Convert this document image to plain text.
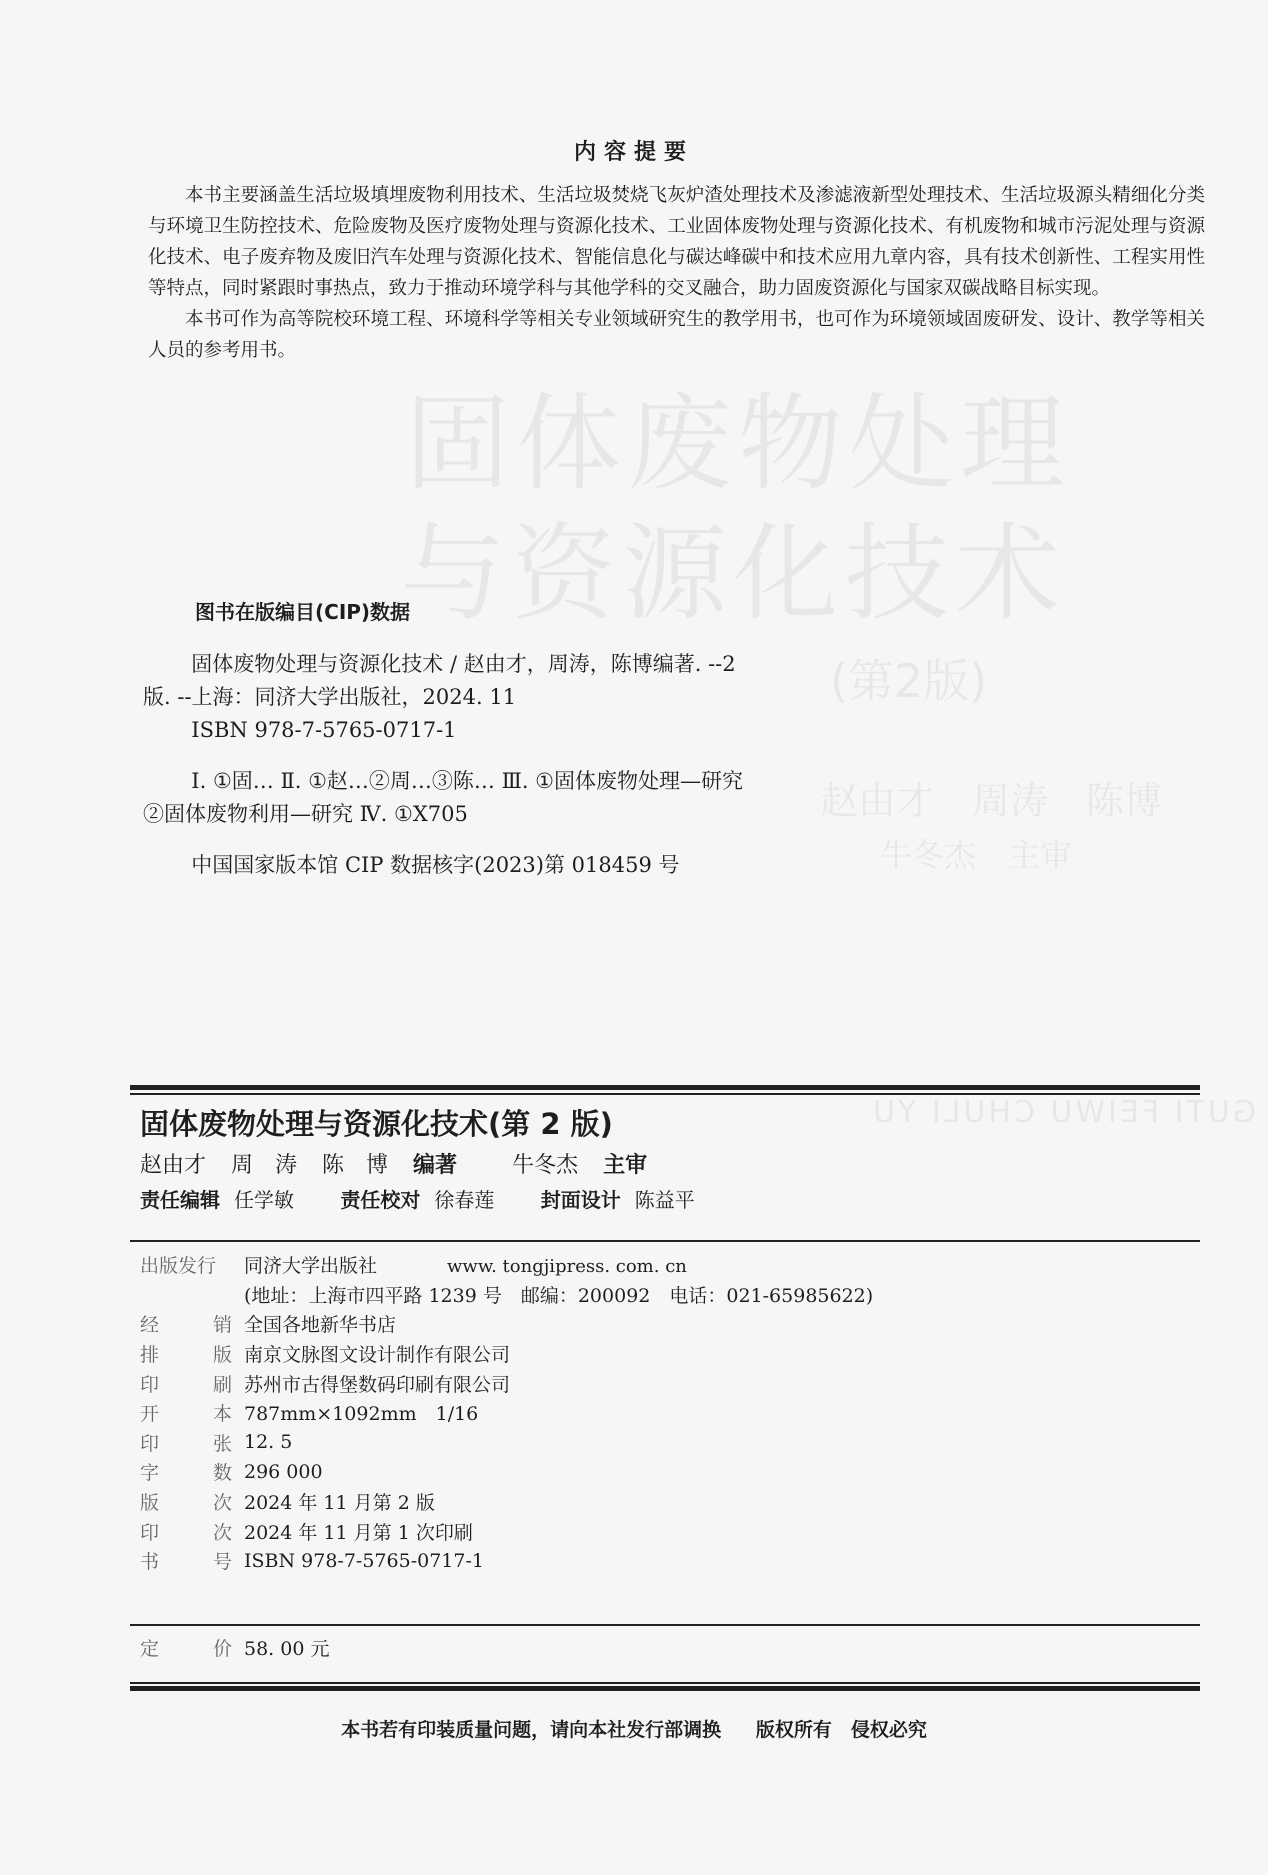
固体废物处理
与资源化技术
(第2版)
赵由才　周涛　陈博
牛冬杰　主审
GUTI FEIWU CHULI YU
内容提要

本书主要涵盖生活垃圾填埋废物利用技术、生活垃圾焚烧飞灰炉渣处理技术及渗滤液新型处理技术、生活垃圾源头精细化分类与环境卫生防控技术、危险废物及医疗废物处理与资源化技术、工业固体废物处理与资源化技术、有机废物和城市污泥处理与资源化技术、电子废弃物及废旧汽车处理与资源化技术、智能信息化与碳达峰碳中和技术应用九章内容，具有技术创新性、工程实用性等特点，同时紧跟时事热点，致力于推动环境学科与其他学科的交叉融合，助力固废资源化与国家双碳战略目标实现。

本书可作为高等院校环境工程、环境科学等相关专业领域研究生的教学用书，也可作为环境领域固废研发、设计、教学等相关人员的参考用书。

图书在版编目(CIP)数据

固体废物处理与资源化技术 / 赵由才，周涛，陈博编著. --2 版. --上海：同济大学出版社，2024. 11

ISBN 978-7-5765-0717-1

Ⅰ. ①固… Ⅱ. ①赵…②周…③陈… Ⅲ. ①固体废物处理—研究②固体废物利用—研究 Ⅳ. ①X705

中国国家版本馆 CIP 数据核字(2023)第 018459 号

固体废物处理与资源化技术(第 2 版)
赵由才 周　涛 陈　博 编著	牛冬杰 主审
责任编辑 任学敏 责任校对 徐春莲 封面设计 陈益平
出版发行 同济大学出版社	www. tongjipress. com. cn
(地址：上海市四平路 1239 号　邮编：200092　电话：021-65985622)
经	销 全国各地新华书店
排	版 南京文脉图文设计制作有限公司
印	刷 苏州市古得堡数码印刷有限公司
开	本 787mm×1092mm　1/16
印	张 12. 5
字	数 296 000
版	次 2024 年 11 月第 2 版
印	次 2024 年 11 月第 1 次印刷
书	号 ISBN 978-7-5765-0717-1
定	价 58. 00 元
本书若有印装质量问题，请向本社发行部调换 版权所有　侵权必究
